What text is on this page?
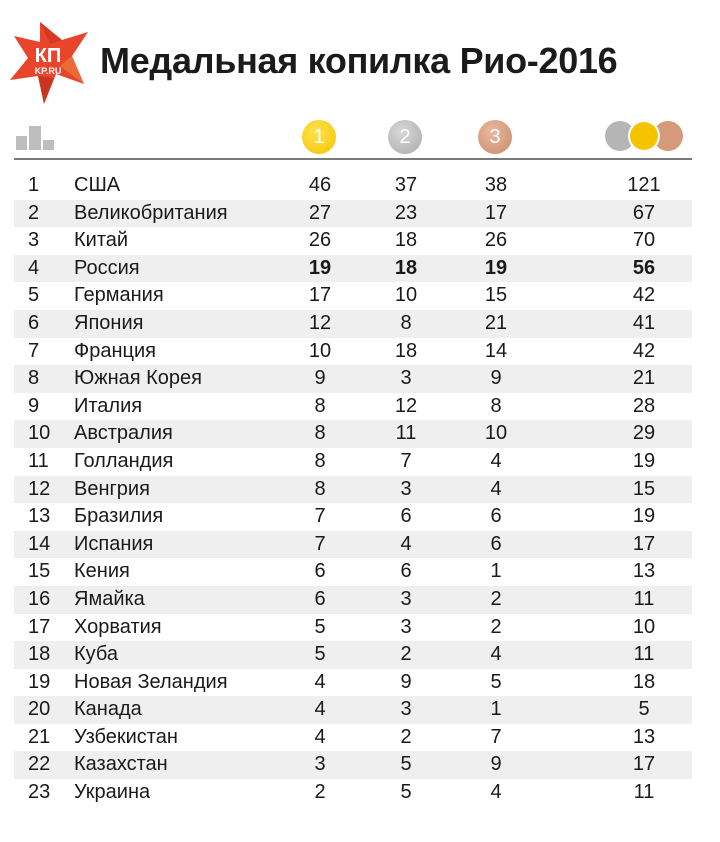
КП
KP.RU Медальная копилка Рио-2016
1	2	3
1	США	46	37	38	121
2	Великобритания	27	23	17	67
3	Китай	26	18	26	70
4	Россия	19	18	19	56
5	Германия	17	10	15	42
6	Япония	12	8	21	41
7	Франция	10	18	14	42
8	Южная Корея	9	3	9	21
9	Италия	8	12	8	28
10	Австралия	8	11	10	29
11	Голландия	8	7	4	19
12	Венгрия	8	3	4	15
13	Бразилия	7	6	6	19
14	Испания	7	4	6	17
15	Кения	6	6	1	13
16	Ямайка	6	3	2	11
17	Хорватия	5	3	2	10
18	Куба	5	2	4	11
19	Новая Зеландия	4	9	5	18
20	Канада	4	3	1	5
21	Узбекистан	4	2	7	13
22	Казахстан	3	5	9	17
23	Украина	2	5	4	11
